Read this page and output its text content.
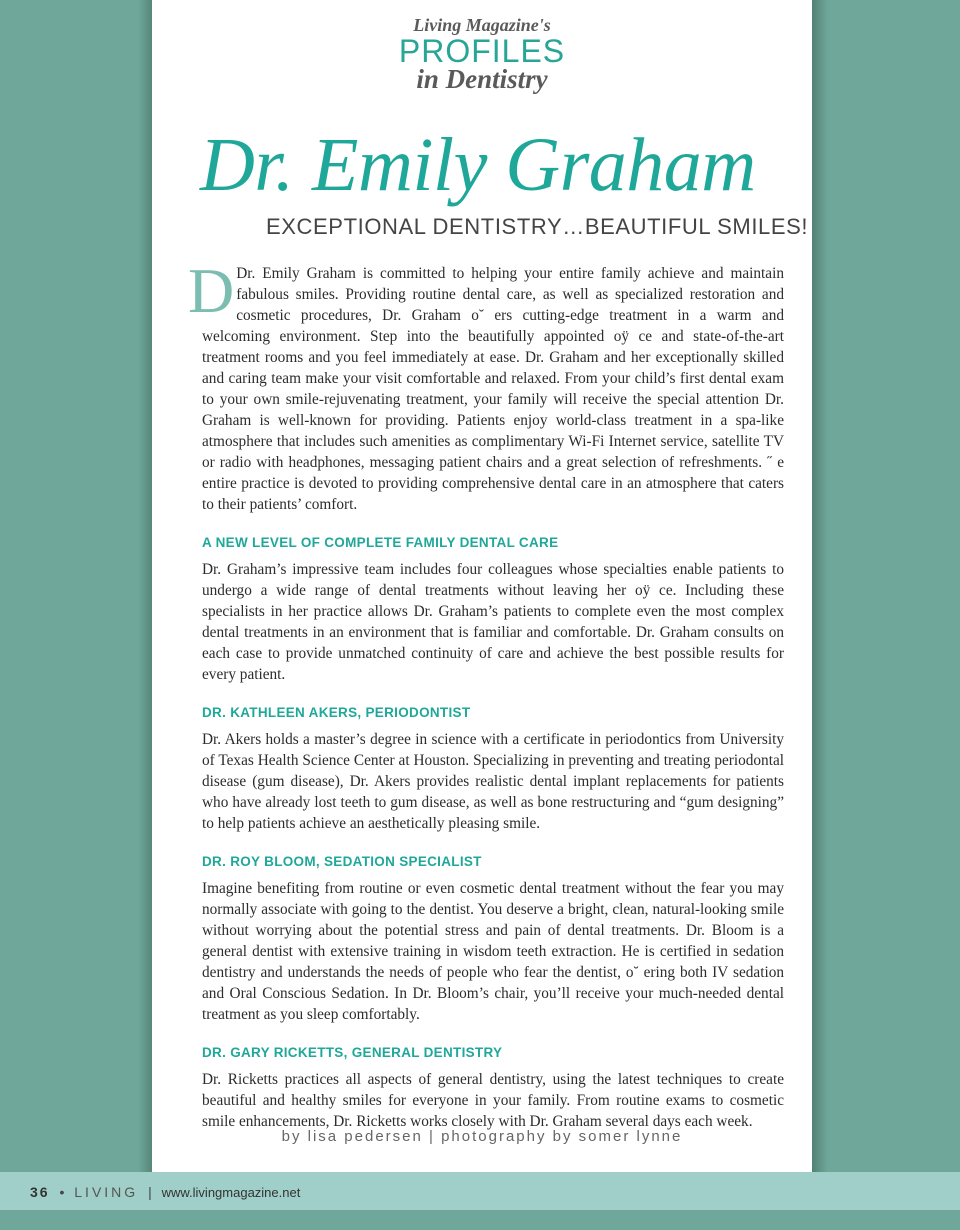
Living Magazine's
PROFILES
in Dentistry
Dr. Emily Graham
EXCEPTIONAL DENTISTRY…BEAUTIFUL SMILES!

D Dr. Emily Graham is committed to helping your entire family achieve and maintain fabulous smiles. Providing routine dental care, as well as specialized restoration and cosmetic procedures, Dr. Graham o˘ ers cutting-edge treatment in a warm and welcoming environment. Step into the beautifully appointed oÿ ce and state-of-the-art treatment rooms and you feel immediately at ease. Dr. Graham and her exceptionally skilled and caring team make your visit comfortable and relaxed. From your child’s first dental exam to your own smile-rejuvenating treatment, your family will receive the special attention Dr. Graham is well-known for providing. Patients enjoy world-class treatment in a spa-like atmosphere that includes such amenities as complimentary Wi-Fi Internet service, satellite TV or radio with headphones, messaging patient chairs and a great selection of refreshments. ˝ e entire practice is devoted to providing comprehensive dental care in an atmosphere that caters to their patients’ comfort.

A NEW LEVEL OF COMPLETE FAMILY DENTAL CARE

Dr. Graham’s impressive team includes four colleagues whose specialties enable patients to undergo a wide range of dental treatments without leaving her oÿ ce. Including these specialists in her practice allows Dr. Graham’s patients to complete even the most complex dental treatments in an environment that is familiar and comfortable. Dr. Graham consults on each case to provide unmatched continuity of care and achieve the best possible results for every patient.

DR. KATHLEEN AKERS, PERIODONTIST

Dr. Akers holds a master’s degree in science with a certificate in periodontics from University of Texas Health Science Center at Houston. Specializing in preventing and treating periodontal disease (gum disease), Dr. Akers provides realistic dental implant replacements for patients who have already lost teeth to gum disease, as well as bone restructuring and “gum designing” to help patients achieve an aesthetically pleasing smile.

DR. ROY BLOOM, SEDATION SPECIALIST

Imagine benefiting from routine or even cosmetic dental treatment without the fear you may normally associate with going to the dentist. You deserve a bright, clean, natural-looking smile without worrying about the potential stress and pain of dental treatments. Dr. Bloom is a general dentist with extensive training in wisdom teeth extraction. He is certified in sedation dentistry and understands the needs of people who fear the dentist, o˘ ering both IV sedation and Oral Conscious Sedation. In Dr. Bloom’s chair, you’ll receive your much-needed dental treatment as you sleep comfortably.

DR. GARY RICKETTS, GENERAL DENTISTRY

Dr. Ricketts practices all aspects of general dentistry, using the latest techniques to create beautiful and healthy smiles for everyone in your family. From routine exams to cosmetic smile enhancements, Dr. Ricketts works closely with Dr. Graham several days each week.

by lisa pedersen | photography by somer lynne
36 • LIVING | www.livingmagazine.net
